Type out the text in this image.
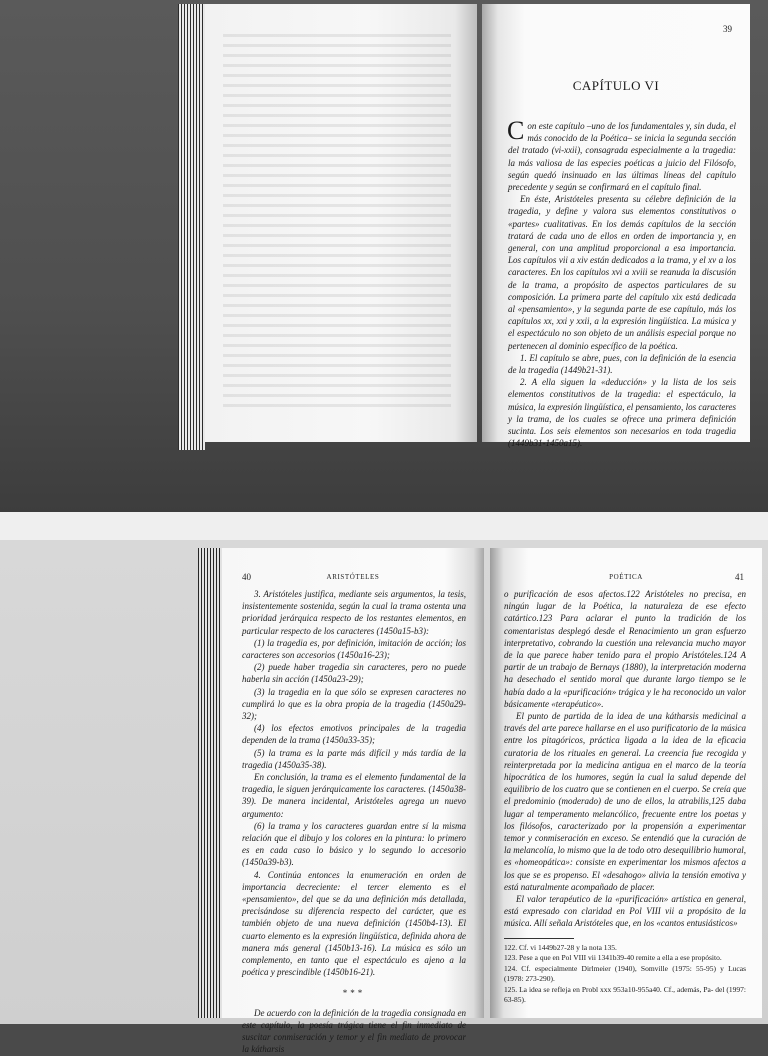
39
CAPÍTULO VI

Con este capítulo –uno de los fundamentales y, sin duda, el más conocido de la Poética– se inicia la segunda sección del tratado (vi-xxii), consagrada especialmente a la tragedia: la más valiosa de las especies poéticas a juicio del Filósofo, según quedó insinuado en las últimas líneas del capítulo precedente y según se confirmará en el capítulo final.

En éste, Aristóteles presenta su célebre definición de la tragedia, y define y valora sus elementos constitutivos o «partes» cualitativas. En los demás capítulos de la sección tratará de cada uno de ellos en orden de importancia y, en general, con una amplitud proporcional a esa importancia. Los capítulos vii a xiv están dedicados a la trama, y el xv a los caracteres. En los capítulos xvi a xviii se reanuda la discusión de la trama, a propósito de aspectos particulares de su composición. La primera parte del capítulo xix está dedicada al «pensamiento», y la segunda parte de ese capítulo, más los capítulos xx, xxi y xxii, a la expresión lingüística. La música y el espectáculo no son objeto de un análisis especial porque no pertenecen al dominio específico de la poética.

1. El capítulo se abre, pues, con la definición de la esencia de la tragedia (1449b21-31).

2. A ella siguen la «deducción» y la lista de los seis elementos constitutivos de la tragedia: el espectáculo, la música, la expresión lingüística, el pensamiento, los caracteres y la trama, de los cuales se ofrece una primera definición sucinta. Los seis elementos son necesarios en toda tragedia (1449b31-1450a15).

40	ARISTÓTELES

3. Aristóteles justifica, mediante seis argumentos, la tesis, insistentemente sostenida, según la cual la trama ostenta una prioridad jerárquica respecto de los restantes elementos, en particular respecto de los caracteres (1450a15-b3):

(1) la tragedia es, por definición, imitación de acción; los caracteres son accesorios (1450a16-23);

(2) puede haber tragedia sin caracteres, pero no puede haberla sin acción (1450a23-29);

(3) la tragedia en la que sólo se expresen caracteres no cumplirá lo que es la obra propia de la tragedia (1450a29-32);

(4) los efectos emotivos principales de la tragedia dependen de la trama (1450a33-35);

(5) la trama es la parte más difícil y más tardía de la tragedia (1450a35-38).

En conclusión, la trama es el elemento fundamental de la tragedia, le siguen jerárquicamente los caracteres. (1450a38-39). De manera incidental, Aristóteles agrega un nuevo argumento:

(6) la trama y los caracteres guardan entre sí la misma relación que el dibujo y los colores en la pintura: lo primero es en cada caso lo básico y lo segundo lo accesorio (1450a39-b3).

4. Continúa entonces la enumeración en orden de importancia decreciente: el tercer elemento es el «pensamiento», del que se da una definición más detallada, precisándose su diferencia respecto del carácter, que es también objeto de una nueva definición (1450b4-13). El cuarto elemento es la expresión lingüística, definida ahora de manera más general (1450b13-16). La música es sólo un complemento, en tanto que el espectáculo es ajeno a la poética y prescindible (1450b16-21).

***

De acuerdo con la definición de la tragedia consignada en este capítulo, la poesía trágica tiene el fin inmediato de suscitar conmiseración y temor y el fin mediato de provocar la kátharsis

POÉTICA	41

o purificación de esos afectos.122 Aristóteles no precisa, en ningún lugar de la Poética, la naturaleza de ese efecto catártico.123 Para aclarar el punto la tradición de los comentaristas desplegó desde el Renacimiento un gran esfuerzo interpretativo, cobrando la cuestión una relevancia mucho mayor de la que parece haber tenido para el propio Aristóteles.124 A partir de un trabajo de Bernays (1880), la interpretación moderna ha desechado el sentido moral que durante largo tiempo se le había dado a la «purificación» trágica y le ha reconocido un valor básicamente «terapéutico».

El punto de partida de la idea de una kátharsis medicinal a través del arte parece hallarse en el uso purificatorio de la música entre los pitagóricos, práctica ligada a la idea de la eficacia curatoria de los rituales en general. La creencia fue recogida y reinterpretada por la medicina antigua en el marco de la teoría hipocrática de los humores, según la cual la salud depende del equilibrio de los cuatro que se contienen en el cuerpo. Se creía que el predominio (moderado) de uno de ellos, la atrabilis,125 daba lugar al temperamento melancólico, frecuente entre los poetas y los filósofos, caracterizado por la propensión a experimentar temor y conmiseración en exceso. Se entendió que la curación de la melancolía, lo mismo que la de todo otro desequilibrio humoral, es «homeopática»: consiste en experimentar los mismos afectos a los que se es propenso. El «desahogo» alivia la tensión emotiva y está naturalmente acompañado de placer.

El valor terapéutico de la «purificación» artística en general, está expresado con claridad en Pol VIII vii a propósito de la música. Allí señala Aristóteles que, en los «cantos entusiásticos»

122. Cf. vi 1449b27-28 y la nota 135.

123. Pese a que en Pol VIII vii 1341b39-40 remite a ella a ese propósito.

124. Cf. especialmente Dirlmeier (1940), Somville (1975: 55-95) y Lucas (1978: 273-290).

125. La idea se refleja en Probl xxx 953a10-955a40. Cf., además, Pa- del (1997: 63-85).
